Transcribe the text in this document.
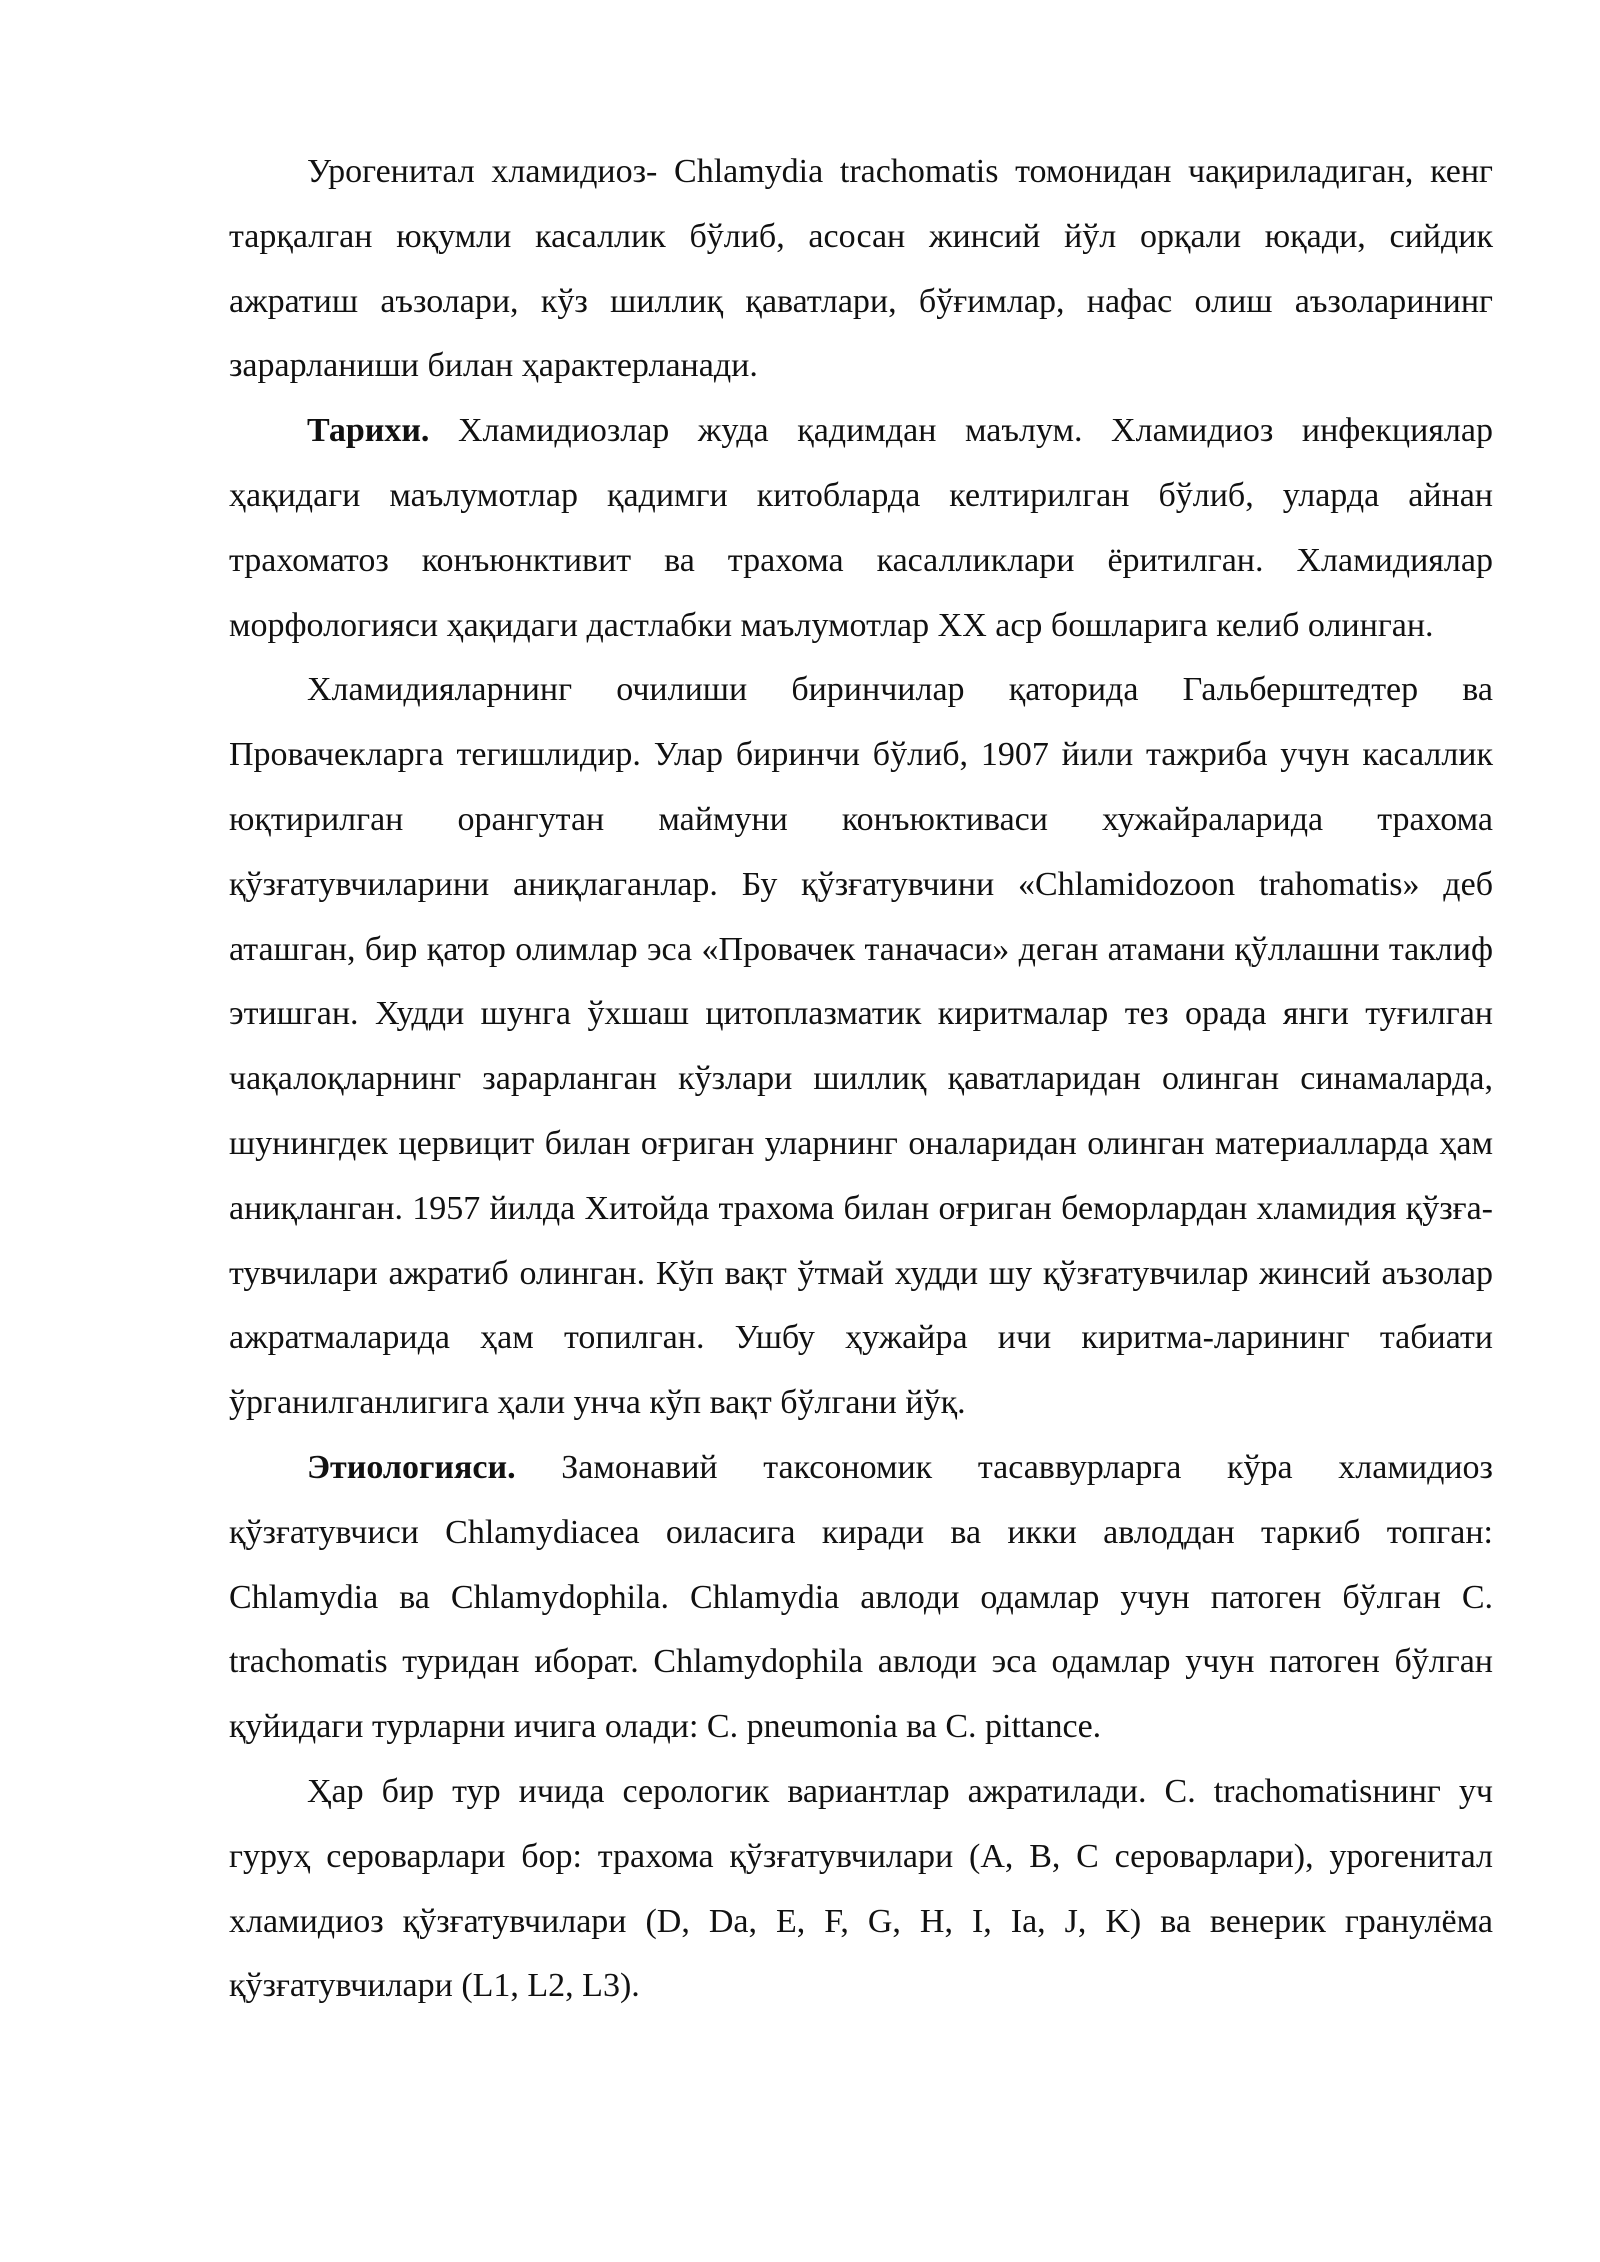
Урогенитал хламидиоз- Chlamydia trachomatis томонидан чақириладиган, кенг тарқалган юқумли касаллик бўлиб, асосан жинсий йўл орқали юқади, сийдик ажратиш аъзолари, кўз шиллиқ қаватлари, бўғимлар, нафас олиш аъзоларининг зарарланиши билан ҳарактерланади.

Тарихи. Хламидиозлар жуда қадимдан маълум. Хламидиоз инфекциялар ҳақидаги маълумотлар қадимги китобларда келтирилган бўлиб, уларда айнан трахоматоз конъюнктивит ва трахома касалликлари ёритилган. Хламидиялар морфологияси ҳақидаги дастлабки маълумотлар XX аср бошларига келиб олинган.

Хламидияларнинг очилиши биринчилар қаторида Гальберштедтер ва Провачекларга тегишлидир. Улар биринчи бўлиб, 1907 йили тажриба учун касаллик юқтирилган орангутан маймуни конъюктиваси хужайраларида трахома қўзғатувчиларини аниқлаганлар. Бу қўзғатувчини «Chlamidozoon trahomatis» деб аташган, бир қатор олимлар эса «Провачек таначаси» деган атамани қўллашни таклиф этишган. Худди шунга ўхшаш цитоплазматик киритмалар тез орада янги туғилган чақалоқларнинг зарарланган кўзлари шиллиқ қаватларидан олинган синамаларда, шунингдек цервицит билан оғриган уларнинг оналаридан олинган материалларда ҳам аниқланган. 1957 йилда Хитойда трахома билан оғриган беморлардан хламидия қўзға-тувчилари ажратиб олинган. Кўп вақт ўтмай худди шу қўзғатувчилар жинсий аъзолар ажратмаларида ҳам топилган. Ушбу ҳужайра ичи киритма-ларининг табиати ўрганилганлигига ҳали унча кўп вақт бўлгани йўқ.

Этиологияси. Замонавий таксономик тасаввурларга кўра хламидиоз қўзғатувчиси Chlamydiacea оиласига киради ва икки авлоддан таркиб топган: Chlamydia ва Chlamydophila. Chlamydia авлоди одамлар учун патоген бўлган C. trachomatis туридан иборат. Chlamydophila авлоди эса одамлар учун патоген бўлган қуйидаги турларни ичига олади: C. pneumonia ва C. pittance.

Ҳар бир тур ичида серологик вариантлар ажратилади. C. trachomatisнинг уч гуруҳ сероварлари бор: трахома қўзғатувчилари (A, B, C сероварлари), урогенитал хламидиоз қўзғатувчилари (D, Da, E, F, G, H, I, Ia, J, K) ва венерик гранулёма қўзғатувчилари (L1, L2, L3).
